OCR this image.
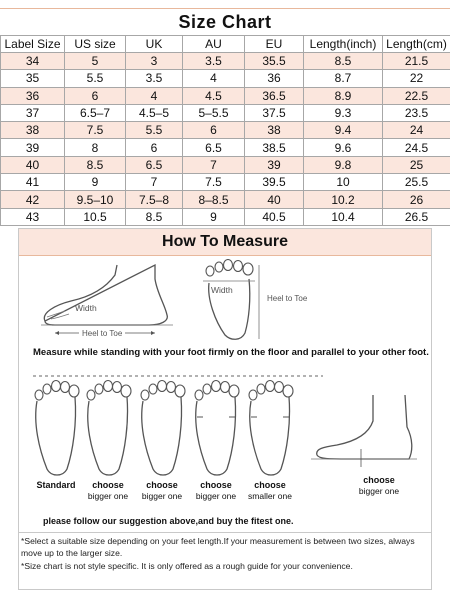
Size Chart
Label Size	US size	UK	AU	EU	Length(inch)	Length(cm)
34	5	3	3.5	35.5	8.5	21.5
35	5.5	3.5	4	36	8.7	22
36	6	4	4.5	36.5	8.9	22.5
37	6.5–7	4.5–5	5–5.5	37.5	9.3	23.5
38	7.5	5.5	6	38	9.4	24
39	8	6	6.5	38.5	9.6	24.5
40	8.5	6.5	7	39	9.8	25
41	9	7	7.5	39.5	10	25.5
42	9.5–10	7.5–8	8–8.5	40	10.2	26
43	10.5	8.5	9	40.5	10.4	26.5
How To Measure
Width
Heel to Toe
Width
Heel to Toe
Measure while standing with your foot firmly on the floor and parallel to your other foot.
Standard	choose
bigger one
choose
bigger one
choose
bigger one
choose
smaller one
choose
bigger one
please follow our suggestion above,and buy the fitest one.
*Select a suitable size depending on your feet length.If your measurement is between two sizes, always move up to the larger size.
*Size chart is not style specific. It is only offered as a rough guide for your convenience.
